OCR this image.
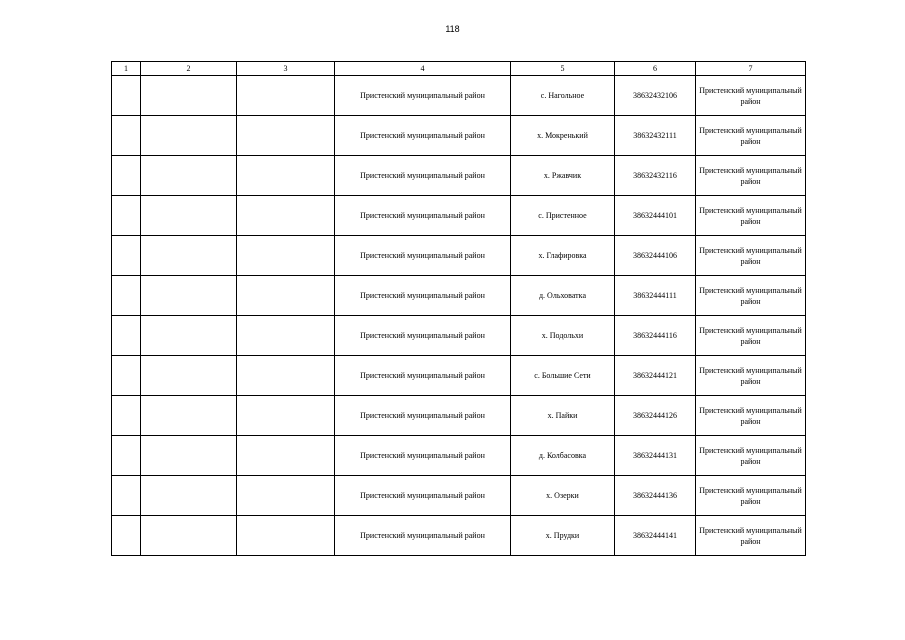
118
1	2	3	4	5	6	7
			Пристенский муниципальный район	с. Нагольное	38632432106	Пристенский муниципальный район
			Пристенский муниципальный район	х. Мокренький	38632432111	Пристенский муниципальный район
			Пристенский муниципальный район	х. Ржавчик	38632432116	Пристенский муниципальный район
			Пристенский муниципальный район	с. Пристенное	38632444101	Пристенский муниципальный район
			Пристенский муниципальный район	х. Глафировка	38632444106	Пристенский муниципальный район
			Пристенский муниципальный район	д. Ольховатка	38632444111	Пристенский муниципальный район
			Пристенский муниципальный район	х. Подольхи	38632444116	Пристенский муниципальный район
			Пристенский муниципальный район	с. Большие Сети	38632444121	Пристенский муниципальный район
			Пристенский муниципальный район	х. Пайки	38632444126	Пристенский муниципальный район
			Пристенский муниципальный район	д. Колбасовка	38632444131	Пристенский муниципальный район
			Пристенский муниципальный район	х. Озерки	38632444136	Пристенский муниципальный район
			Пристенский муниципальный район	х. Прудки	38632444141	Пристенский муниципальный район
